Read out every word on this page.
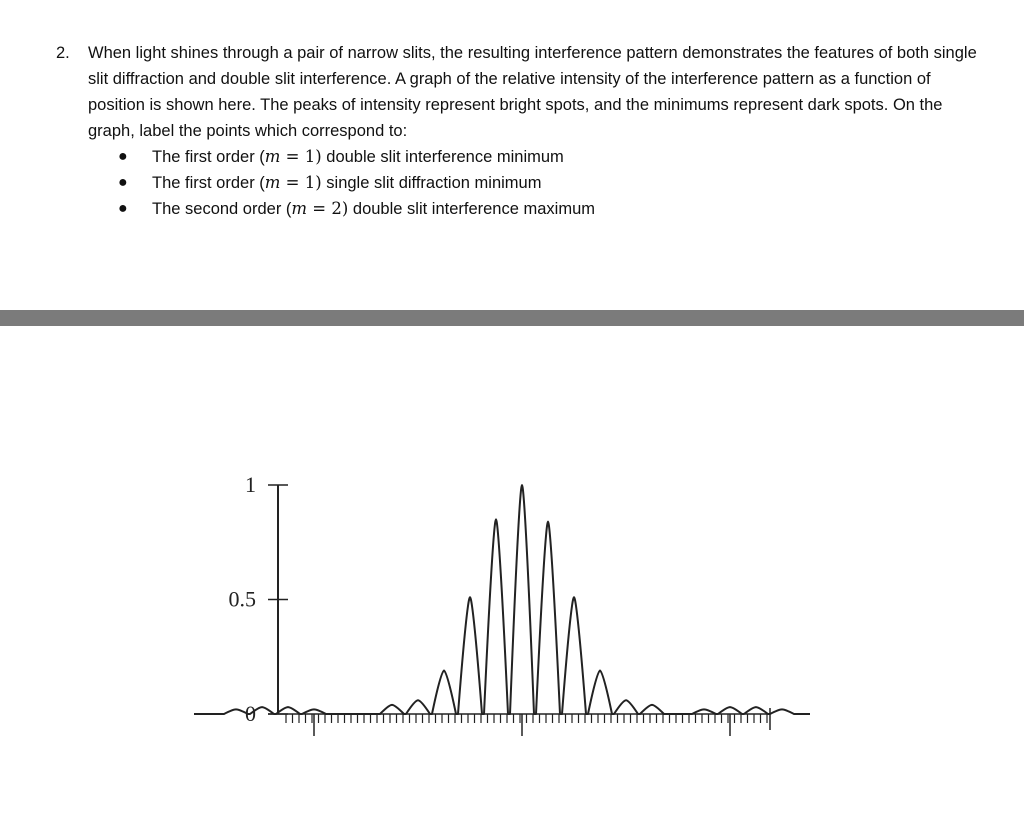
2. When light shines through a pair of narrow slits, the resulting interference pattern demonstrates the features of both single slit diffraction and double slit interference. A graph of the relative intensity of the interference pattern as a function of position is shown here. The peaks of intensity represent bright spots, and the minimums represent dark spots. On the graph, label the points which correspond to:
● The first order (m = 1) double slit interference minimum
● The first order (m = 1) single slit diffraction minimum
● The second order (m = 2) double slit interference maximum
0
0.5
1
